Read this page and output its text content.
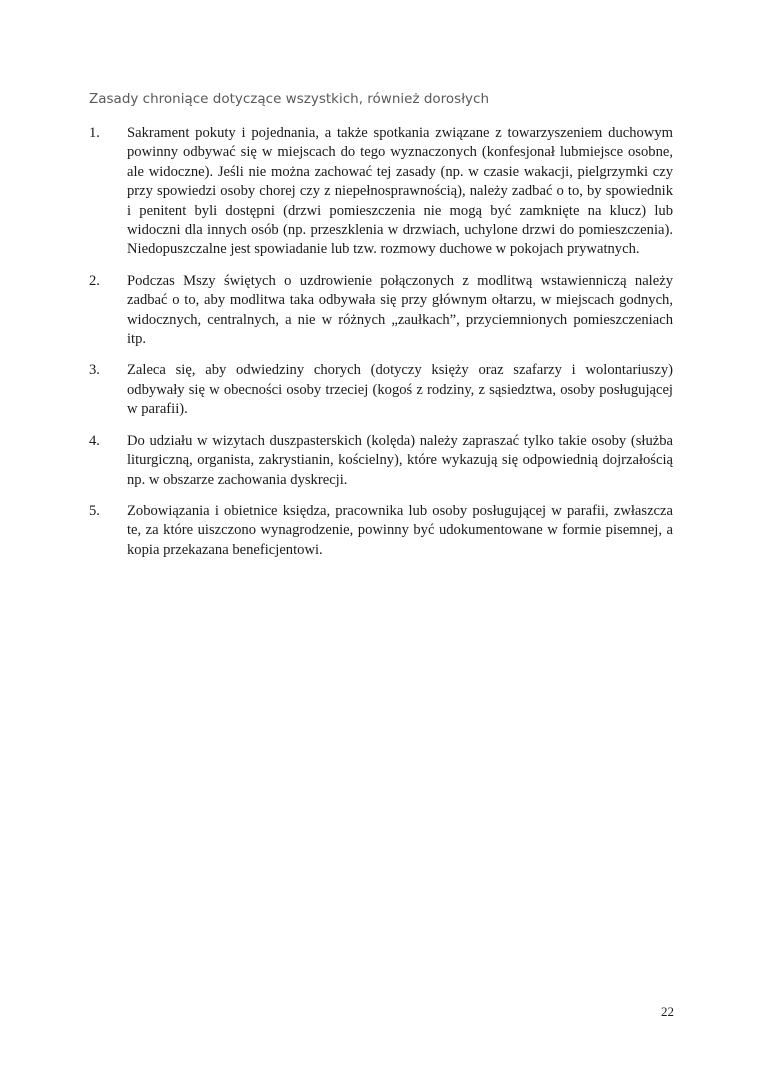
Zasady chroniące dotyczące wszystkich, również dorosłych
1.	Sakrament pokuty i pojednania, a także spotkania związane z towarzyszeniem duchowym powinny odbywać się w miejscach do tego wyznaczonych (konfesjonał lubmiejsce osobne, ale widoczne). Jeśli nie można zachować tej zasady (np. w czasie wakacji, pielgrzymki czy przy spowiedzi osoby chorej czy z niepełnosprawnością), należy zadbać o to, by spowiednik i penitent byli dostępni (drzwi pomieszczenia nie mogą być zamknięte na klucz) lub widoczni dla innych osób (np. przeszklenia w drzwiach, uchylone drzwi do pomieszczenia). Niedopuszczalne jest spowiadanie lub tzw. rozmowy duchowe w pokojach prywatnych.
2.	Podczas Mszy świętych o uzdrowienie połączonych z modlitwą wstawienniczą należy zadbać o to, aby modlitwa taka odbywała się przy głównym ołtarzu, w miejscach godnych, widocznych, centralnych, a nie w różnych „zaułkach”, przyciemnionych pomieszczeniach itp.
3.	Zaleca się, aby odwiedziny chorych (dotyczy księży oraz szafarzy i wolontariuszy) odbywały się w obecności osoby trzeciej (kogoś z rodziny, z sąsiedztwa, osoby posługującej w parafii).
4.	Do udziału w wizytach duszpasterskich (kolęda) należy zapraszać tylko takie osoby (służba liturgiczną, organista, zakrystianin, kościelny), które wykazują się odpowiednią dojrzałością np. w obszarze zachowania dyskrecji.
5.	Zobowiązania i obietnice księdza, pracownika lub osoby posługującej w parafii, zwłaszcza te, za które uiszczono wynagrodzenie, powinny być udokumentowane w formie pisemnej, a kopia przekazana beneficjentowi.
22
